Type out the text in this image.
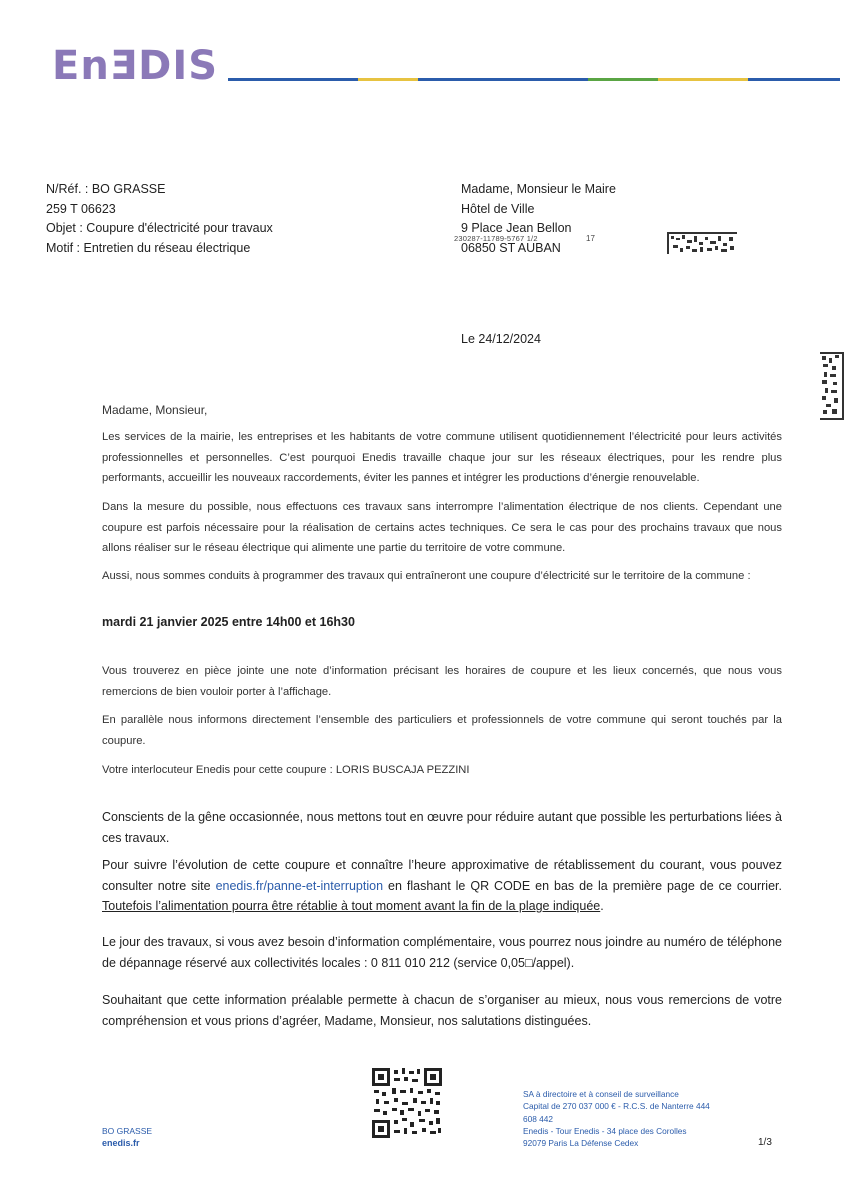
EnƎDIS
N/Réf. : BO GRASSE
259 T 06623
Objet : Coupure d'électricité pour travaux
Motif : Entretien du réseau électrique
Madame, Monsieur le Maire
Hôtel de Ville
9 Place Jean Bellon
06850 ST AUBAN
230287-11789-5767 1/2	17
Le 24/12/2024
Madame, Monsieur,

Les services de la mairie, les entreprises et les habitants de votre commune utilisent quotidiennement l’électricité pour leurs activités professionnelles et personnelles. C’est pourquoi Enedis travaille chaque jour sur les réseaux électriques, pour les rendre plus performants, accueillir les nouveaux raccordements, éviter les pannes et intégrer les productions d’énergie renouvelable.

Dans la mesure du possible, nous effectuons ces travaux sans interrompre l’alimentation électrique de nos clients. Cependant une coupure est parfois nécessaire pour la réalisation de certains actes techniques. Ce sera le cas pour des prochains travaux que nous allons réaliser sur le réseau électrique qui alimente une partie du territoire de votre commune.

Aussi, nous sommes conduits à programmer des travaux qui entraîneront une coupure d’électricité sur le territoire de la commune :

mardi 21 janvier 2025 entre 14h00 et 16h30

Vous trouverez en pièce jointe une note d’information précisant les horaires de coupure et les lieux concernés, que nous vous remercions de bien vouloir porter à l’affichage.

En parallèle nous informons directement l’ensemble des particuliers et professionnels de votre commune qui seront touchés par la coupure.

Votre interlocuteur Enedis pour cette coupure : LORIS BUSCAJA PEZZINI

Conscients de la gêne occasionnée, nous mettons tout en œuvre pour réduire autant que possible les perturbations liées à ces travaux.

Pour suivre l’évolution de cette coupure et connaître l’heure approximative de rétablissement du courant, vous pouvez consulter notre site enedis.fr/panne-et-interruption en flashant le QR CODE en bas de la première page de ce courrier. Toutefois l’alimentation pourra être rétablie à tout moment avant la fin de la plage indiquée.

Le jour des travaux, si vous avez besoin d’information complémentaire, vous pourrez nous joindre au numéro de téléphone de dépannage réservé aux collectivités locales : 0 811 010 212 (service 0,05□/appel).

Souhaitant que cette information préalable permette à chacun de s’organiser au mieux, nous vous remercions de votre compréhension et vous prions d’agréer, Madame, Monsieur, nos salutations distinguées.

SA à directoire et à conseil de surveillance
Capital de 270 037 000 € - R.C.S. de Nanterre 444
608 442
Enedis - Tour Enedis - 34 place des Corolles
92079 Paris La Défense Cedex
BO GRASSE
enedis.fr	1/3
